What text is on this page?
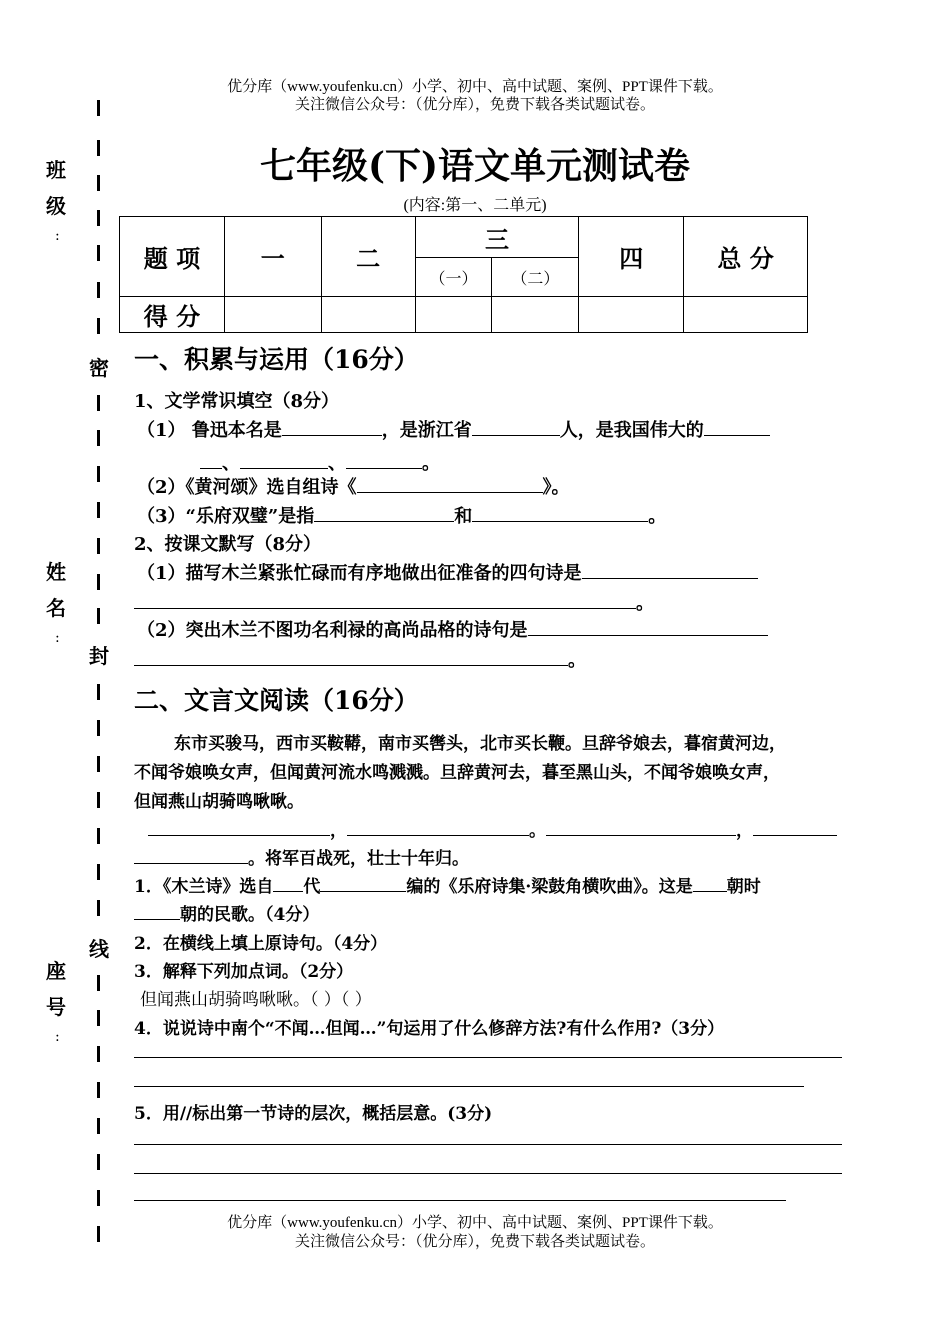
优分库（www.youfenku.cn）小学、初中、高中试题、案例、PPT课件下载。
关注微信公众号：（优分库），免费下载各类试题试卷。
班
级
:
姓
名
:
座
号
:
密
封
线
七年级(下)语文单元测试卷
(内容:第一、二单元)
题 项	一	二	三		四	总 分
			（一）	（二）		
得 分						
一、积累与运用（16分）
1、文学常识填空（8分）
（1） 鲁迅本名是	，是浙江省	人，是我国伟大的
、	、	。
（2）《黄河颂》选自组诗《	》。
（3）“乐府双璧”是指	和	。
2、按课文默写（8分）
（1）描写木兰紧张忙碌而有序地做出征准备的四句诗是
。
（2）突出木兰不图功名利禄的高尚品格的诗句是
。
二、文言文阅读（16分）
东市买骏马，西市买鞍鞯，南市买辔头，北市买长鞭。旦辞爷娘去，暮宿黄河边，
不闻爷娘唤女声，但闻黄河流水鸣溅溅。旦辞黄河去，暮至黑山头，不闻爷娘唤女声，
但闻燕山胡骑鸣啾啾。
，	。	，
。将军百战死，壮士十年归。
1．《木兰诗》选自 代	编的《乐府诗集·梁鼓角横吹曲》。这是 朝时
朝的民歌。（4分）
2．在横线上填上原诗句。（4分）
3．解释下列加点词。（2分）
但闻燕山胡骑鸣啾啾。（ ）（ ）
4．说说诗中南个“不闻…但闻…”句运用了什么修辞方法?有什么作用?（3分）
5．用//标出第一节诗的层次，概括层意。(3分)
优分库（www.youfenku.cn）小学、初中、高中试题、案例、PPT课件下载。
关注微信公众号：（优分库），免费下载各类试题试卷。
